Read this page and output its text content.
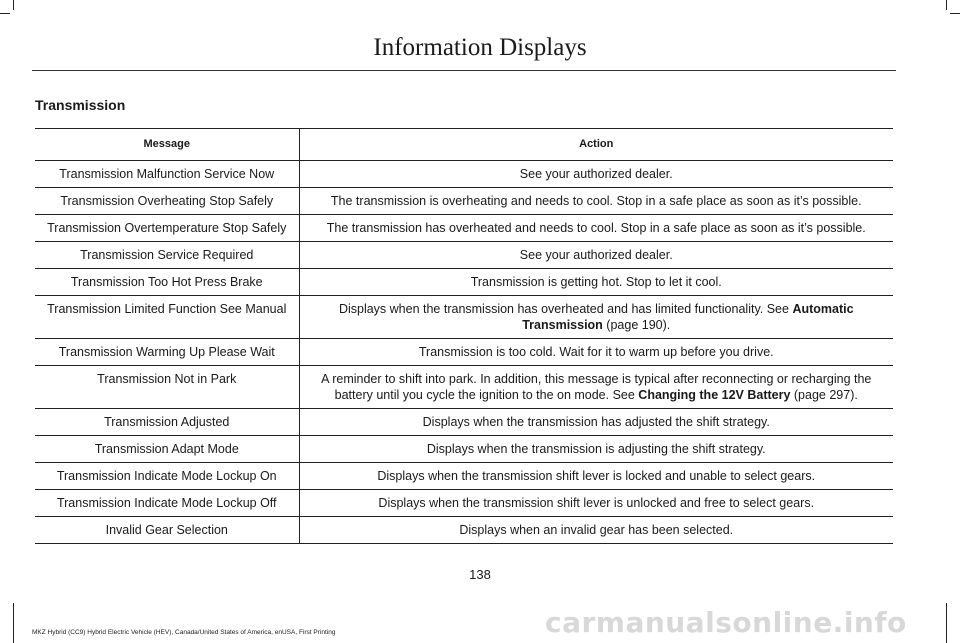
Information Displays
Transmission
Message	Action
Transmission Malfunction Service Now	See your authorized dealer.
Transmission Overheating Stop Safely	The transmission is overheating and needs to cool. Stop in a safe place as soon as it’s possible.
Transmission Overtemperature Stop Safely	The transmission has overheated and needs to cool. Stop in a safe place as soon as it’s possible.
Transmission Service Required	See your authorized dealer.
Transmission Too Hot Press Brake	Transmission is getting hot. Stop to let it cool.
Transmission Limited Function See Manual	Displays when the transmission has overheated and has limited functionality. See Automatic Transmission (page 190).
Transmission Warming Up Please Wait	Transmission is too cold. Wait for it to warm up before you drive.
Transmission Not in Park	A reminder to shift into park. In addition, this message is typical after reconnecting or recharging the battery until you cycle the ignition to the on mode. See Changing the 12V Battery (page 297).
Transmission Adjusted	Displays when the transmission has adjusted the shift strategy.
Transmission Adapt Mode	Displays when the transmission is adjusting the shift strategy.
Transmission Indicate Mode Lockup On	Displays when the transmission shift lever is locked and unable to select gears.
Transmission Indicate Mode Lockup Off	Displays when the transmission shift lever is unlocked and free to select gears.
Invalid Gear Selection	Displays when an invalid gear has been selected.
138
MKZ Hybrid (CC9) Hybrid Electric Vehicle (HEV), Canada/United States of America, enUSA, First Printing	carmanualsonline.info
